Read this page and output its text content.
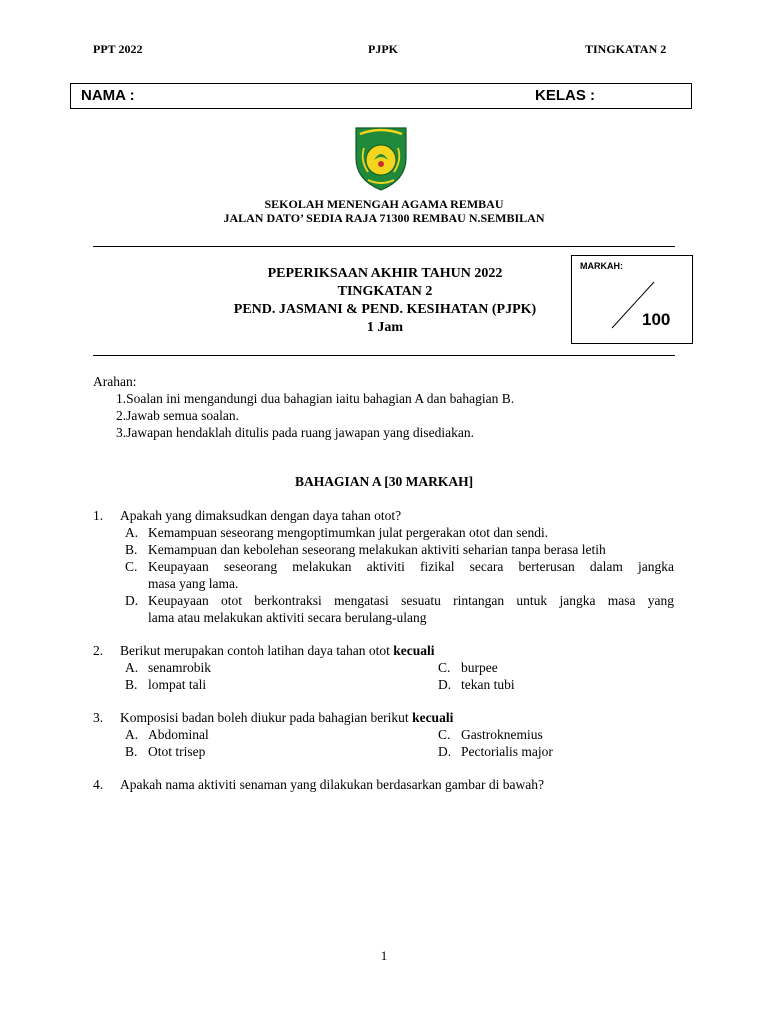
PPT 2022	PJPK	TINGKATAN 2
NAMA :	KELAS :
SEKOLAH MENENGAH AGAMA REMBAU
JALAN DATO’ SEDIA RAJA 71300 REMBAU N.SEMBILAN
PEPERIKSAAN AKHIR TAHUN 2022
TINGKATAN 2
PEND. JASMANI & PEND. KESIHATAN (PJPK)
1 Jam
MARKAH:
100
Arahan:
1.Soalan ini mengandungi dua bahagian iaitu bahagian A dan bahagian B.
2.Jawab semua soalan.
3.Jawapan hendaklah ditulis pada ruang jawapan yang disediakan.
BAHAGIAN A [30 MARKAH]
1. Apakah yang dimaksudkan dengan daya tahan otot?
A. Kemampuan seseorang mengoptimumkan julat pergerakan otot dan sendi.
B. Kemampuan dan kebolehan seseorang melakukan aktiviti seharian tanpa berasa letih
C. Keupayaan seseorang melakukan aktiviti fizikal secara berterusan dalam jangka
masa yang lama.
D. Keupayaan otot berkontraksi mengatasi sesuatu rintangan untuk jangka masa yang
lama atau melakukan aktiviti secara berulang-ulang
2. Berikut merupakan contoh latihan daya tahan otot kecuali
A. senamrobik
B. lompat tali
C. burpee
D. tekan tubi
3. Komposisi badan boleh diukur pada bahagian berikut kecuali
A. Abdominal
B. Otot trisep
C. Gastroknemius
D. Pectorialis major
4. Apakah nama aktiviti senaman yang dilakukan berdasarkan gambar di bawah?
1
